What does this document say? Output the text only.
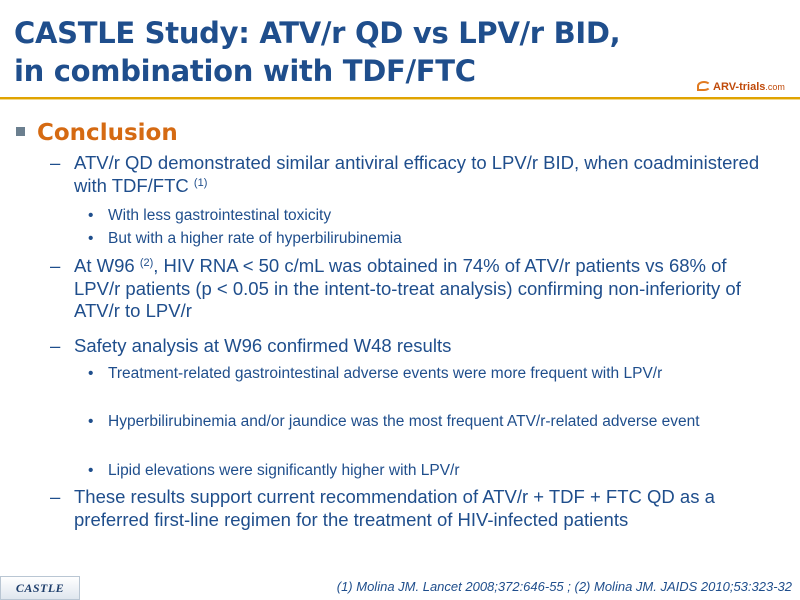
CASTLE Study: ATV/r QD vs LPV/r BID,
in combination with TDF/FTC	ARV-trials.com
Conclusion
– ATV/r QD demonstrated similar antiviral efficacy to LPV/r BID, when coadministered with TDF/FTC $^{(1)}$
• With less gastrointestinal toxicity
• But with a higher rate of hyperbilirubinemia
– At W96 $^{(2)}$, HIV RNA < 50 c/mL was obtained in 74% of ATV/r patients vs 68% of LPV/r patients (p < 0.05 in the intent-to-treat analysis) confirming non-inferiority of ATV/r to LPV/r
– Safety analysis at W96 confirmed W48 results
• Treatment-related gastrointestinal adverse events were more frequent with LPV/r
• Hyperbilirubinemia and/or jaundice was the most frequent ATV/r-related adverse event
• Lipid elevations were significantly higher with LPV/r
– These results support current recommendation of ATV/r + TDF + FTC QD as a preferred first-line regimen for the treatment of HIV-infected patients
(1) Molina JM. Lancet 2008;372:646-55 ; (2) Molina JM. JAIDS 2010;53:323-32
CASTLE
